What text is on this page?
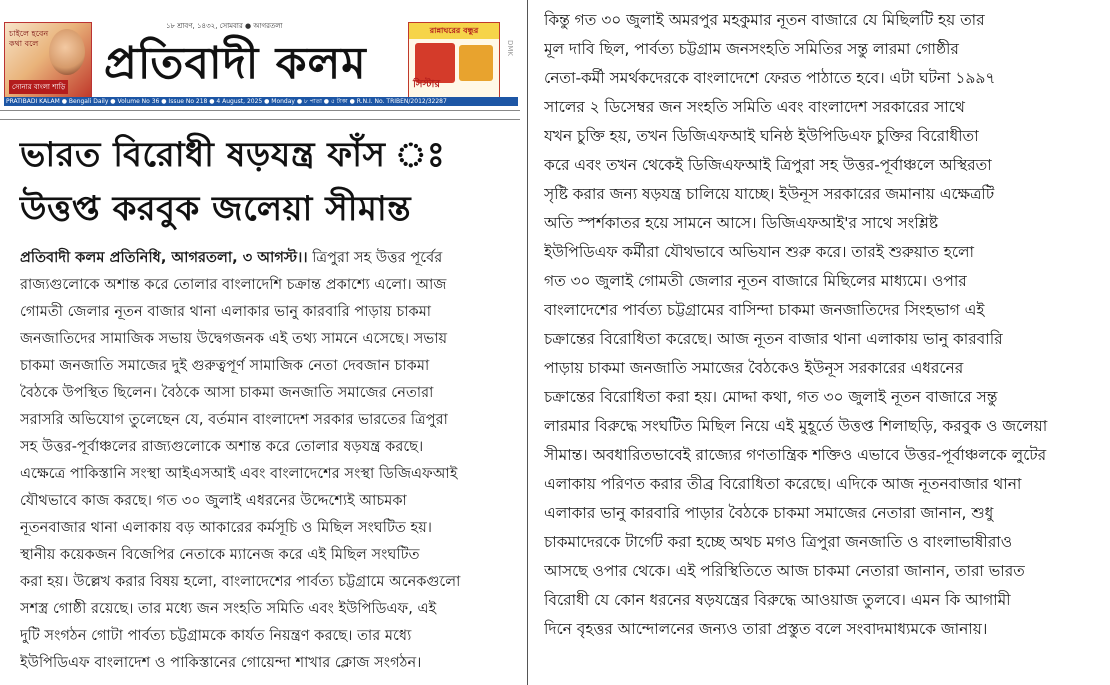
চাইলে হবেন কথা বলে
সোনার বাংলা শাড়ি
১৮ শ্রাবণ, ১৪৩২, সোমবার ● আগরতলা
প্রতিবাদী কলম
রান্নাঘরের বন্ধুর
সিস্টার
DMK
PRATIBADI KALAM ● Bengali Daily ● Volume No 36 ● Issue No 218 ● 4 August, 2025 ● Monday ● ৮ পাতা ● ৫ টাকা ● R.N.I. No. TRIBEN/2012/32287
ভারত বিরোধী ষড়যন্ত্র ফাঁস ঃ
উত্তপ্ত করবুক জলেয়া সীমান্ত
প্রতিবাদী কলম প্রতিনিধি, আগরতলা, ৩ আগস্ট।। ত্রিপুরা সহ উত্তর পূর্বের
রাজ্যগুলোকে অশান্ত করে তোলার বাংলাদেশি চক্রান্ত প্রকাশ্যে এলো। আজ
গোমতী জেলার নূতন বাজার থানা এলাকার ভানু কারবারি পাড়ায় চাকমা
জনজাতিদের সামাজিক সভায় উদ্বেগজনক এই তথ্য সামনে এসেছে। সভায়
চাকমা জনজাতি সমাজের দুই গুরুত্বপূর্ণ সামাজিক নেতা দেবজান চাকমা
বৈঠকে উপস্থিত ছিলেন। বৈঠকে আসা চাকমা জনজাতি সমাজের নেতারা
সরাসরি অভিযোগ তুলেছেন যে, বর্তমান বাংলাদেশ সরকার ভারতের ত্রিপুরা
সহ উত্তর-পূর্বাঞ্চলের রাজ্যগুলোকে অশান্ত করে তোলার ষড়যন্ত্র করছে।
এক্ষেত্রে পাকিস্তানি সংস্থা আইএসআই এবং বাংলাদেশের সংস্থা ডিজিএফআই
যৌথভাবে কাজ করছে। গত ৩০ জুলাই এধরনের উদ্দেশ্যেই আচমকা
নূতনবাজার থানা এলাকায় বড় আকারের কর্মসূচি ও মিছিল সংঘটিত হয়।
স্থানীয় কয়েকজন বিজেপির নেতাকে ম্যানেজ করে এই মিছিল সংঘটিত
করা হয়। উল্লেখ করার বিষয় হলো, বাংলাদেশের পার্বত্য চট্টগ্রামে অনেকগুলো
সশস্ত্র গোষ্ঠী রয়েছে। তার মধ্যে জন সংহতি সমিতি এবং ইউপিডিএফ, এই
দুটি সংগঠন গোটা পার্বত্য চট্টগ্রামকে কার্যত নিয়ন্ত্রণ করছে। তার মধ্যে
ইউপিডিএফ বাংলাদেশ ও পাকিস্তানের গোয়েন্দা শাখার ক্লোজ সংগঠন।
কিন্তু গত ৩০ জুলাই অমরপুর মহকুমার নূতন বাজারে যে মিছিলটি হয় তার
মূল দাবি ছিল, পার্বত্য চট্টগ্রাম জনসংহতি সমিতির সন্তু লারমা গোষ্ঠীর
নেতা-কর্মী সমর্থকদেরকে বাংলাদেশে ফেরত পাঠাতে হবে। এটা ঘটনা ১৯৯৭
সালের ২ ডিসেম্বর জন সংহতি সমিতি এবং বাংলাদেশ সরকারের সাথে
যখন চুক্তি হয়, তখন ডিজিএফআই ঘনিষ্ঠ ইউপিডিএফ চুক্তির বিরোধীতা
করে এবং তখন থেকেই ডিজিএফআই ত্রিপুরা সহ উত্তর-পূর্বাঞ্চলে অস্থিরতা
সৃষ্টি করার জন্য ষড়যন্ত্র চালিয়ে যাচ্ছে। ইউনূস সরকারের জমানায় এক্ষেত্রটি
অতি স্পর্শকাতর হয়ে সামনে আসে। ডিজিএফআই'র সাথে সংশ্লিষ্ট
ইউপিডিএফ কর্মীরা যৌথভাবে অভিযান শুরু করে। তারই শুরুয়াত হলো
গত ৩০ জুলাই গোমতী জেলার নূতন বাজারে মিছিলের মাধ্যমে। ওপার
বাংলাদেশের পার্বত্য চট্টগ্রামের বাসিন্দা চাকমা জনজাতিদের সিংহভাগ এই
চক্রান্তের বিরোধিতা করেছে। আজ নূতন বাজার থানা এলাকায় ভানু কারবারি
পাড়ায় চাকমা জনজাতি সমাজের বৈঠকেও ইউনূস সরকারের এধরনের
চক্রান্তের বিরোধিতা করা হয়। মোদ্দা কথা, গত ৩০ জুলাই নূতন বাজারে সন্তু
লারমার বিরুদ্ধে সংঘটিত মিছিল নিয়ে এই মুহূর্তে উত্তপ্ত শিলাছড়ি, করবুক ও জলেয়া
সীমান্ত। অবধারিতভাবেই রাজ্যের গণতান্ত্রিক শক্তিও এভাবে উত্তর-পূর্বাঞ্চলকে লুটের
এলাকায় পরিণত করার তীব্র বিরোধিতা করেছে। এদিকে আজ নূতনবাজার থানা
এলাকার ভানু কারবারি পাড়ার বৈঠকে চাকমা সমাজের নেতারা জানান, শুধু
চাকমাদেরকে টার্গেট করা হচ্ছে অথচ মগও ত্রিপুরা জনজাতি ও বাংলাভাষীরাও
আসছে ওপার থেকে। এই পরিস্থিতিতে আজ চাকমা নেতারা জানান, তারা ভারত
বিরোধী যে কোন ধরনের ষড়যন্ত্রের বিরুদ্ধে আওয়াজ তুলবে। এমন কি আগামী
দিনে বৃহত্তর আন্দোলনের জন্যও তারা প্রস্তুত বলে সংবাদমাধ্যমকে জানায়।
